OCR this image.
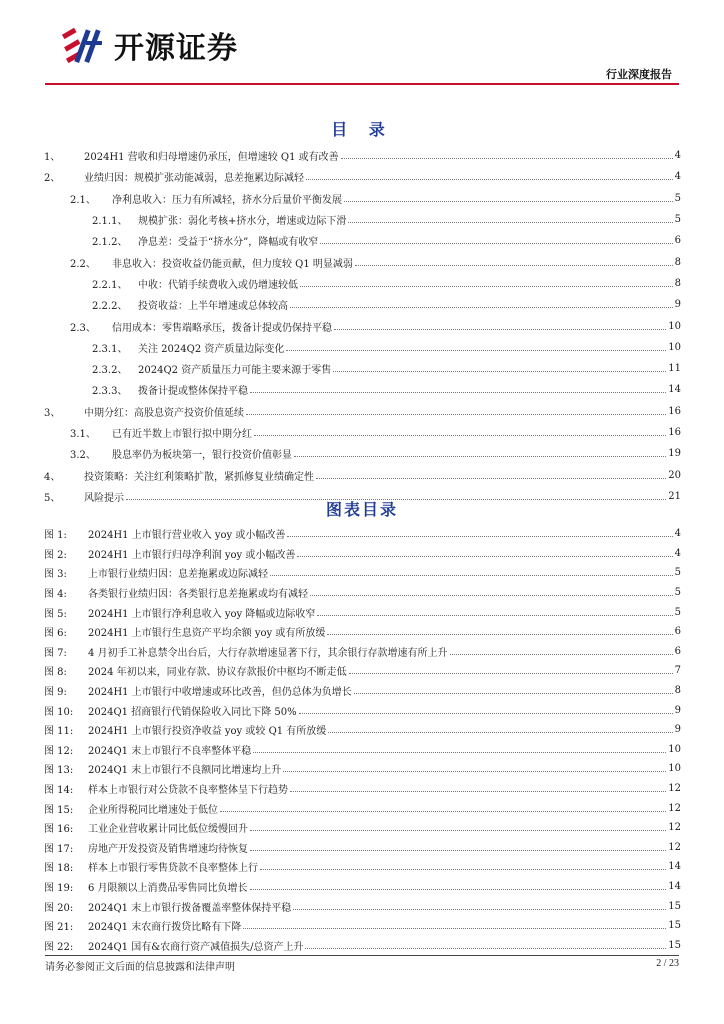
开源证券
行业深度报告
目 录
1、	2024H1 营收和归母增速仍承压，但增速较 Q1 或有改善	4
2、	业绩归因：规模扩张动能减弱，息差拖累边际减轻	4
2.1、	净利息收入：压力有所减轻，挤水分后量价平衡发展	5
2.1.1、	规模扩张：弱化考核+挤水分，增速或边际下滑	5
2.1.2、	净息差：受益于“挤水分”，降幅或有收窄	6
2.2、	非息收入：投资收益仍能贡献，但力度较 Q1 明显减弱	8
2.2.1、	中收：代销手续费收入或仍增速较低	8
2.2.2、	投资收益：上半年增速或总体较高	9
2.3、	信用成本：零售端略承压，拨备计提或仍保持平稳	10
2.3.1、	关注 2024Q2 资产质量边际变化	10
2.3.2、	2024Q2 资产质量压力可能主要来源于零售	11
2.3.3、	拨备计提或整体保持平稳	14
3、	中期分红：高股息资产投资价值延续	16
3.1、	已有近半数上市银行拟中期分红	16
3.2、	股息率仍为板块第一，银行投资价值彰显	19
4、	投资策略：关注红利策略扩散，紧抓修复业绩确定性	20
5、	风险提示	21
图表目录
图 1:	2024H1 上市银行营业收入 yoy 或小幅改善	4
图 2:	2024H1 上市银行归母净利润 yoy 或小幅改善	4
图 3:	上市银行业绩归因：息差拖累或边际减轻	5
图 4:	各类银行业绩归因：各类银行息差拖累或均有减轻	5
图 5:	2024H1 上市银行净利息收入 yoy 降幅或边际收窄	5
图 6:	2024H1 上市银行生息资产平均余额 yoy 或有所放缓	6
图 7:	4 月初手工补息禁令出台后，大行存款增速显著下行，其余银行存款增速有所上升	6
图 8:	2024 年初以来，同业存款、协议存款报价中枢均不断走低	7
图 9:	2024H1 上市银行中收增速或环比改善，但仍总体为负增长	8
图 10:	2024Q1 招商银行代销保险收入同比下降 50%	9
图 11:	2024H1 上市银行投资净收益 yoy 或较 Q1 有所放缓	9
图 12:	2024Q1 末上市银行不良率整体平稳	10
图 13:	2024Q1 末上市银行不良额同比增速均上升	10
图 14:	样本上市银行对公贷款不良率整体呈下行趋势	12
图 15:	企业所得税同比增速处于低位	12
图 16:	工业企业营收累计同比低位缓慢回升	12
图 17:	房地产开发投资及销售增速均待恢复	12
图 18:	样本上市银行零售贷款不良率整体上行	14
图 19:	6 月限额以上消费品零售同比负增长	14
图 20:	2024Q1 末上市银行拨备覆盖率整体保持平稳	15
图 21:	2024Q1 末农商行拨贷比略有下降	15
图 22:	2024Q1 国有&农商行资产减值损失/总资产上升	15
请务必参阅正文后面的信息披露和法律声明	2 / 23
